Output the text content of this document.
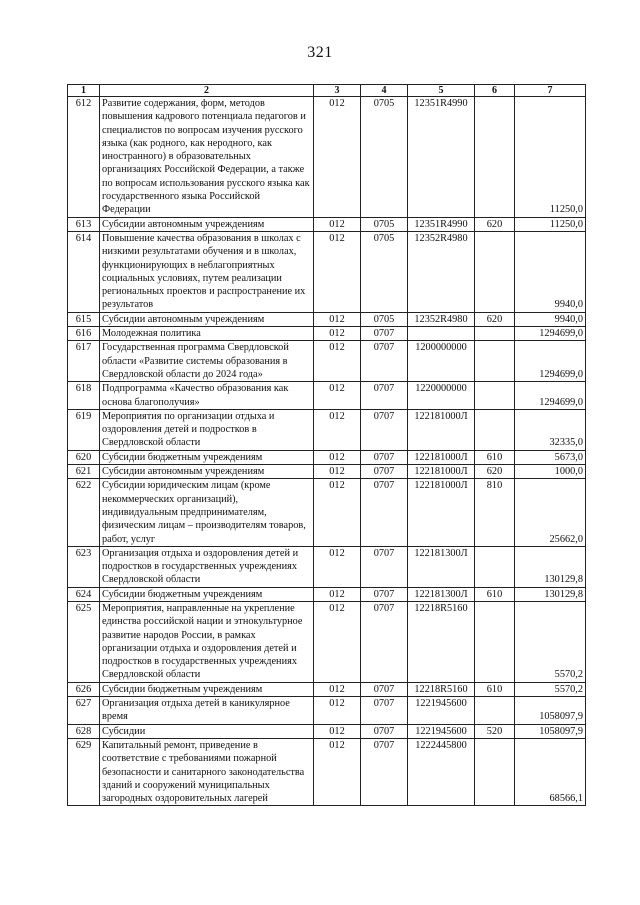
321
1	2	3	4	5	6	7
612	Развитие содержания, форм, методов повышения кадрового потенциала педагогов и специалистов по вопросам изучения русского языка (как родного, как неродного, как иностранного) в образовательных организациях Российской Федерации, а также по вопросам использования русского языка как государственного языка Российской Федерации	012	0705	12351R4990		11250,0
613	Субсидии автономным учреждениям	012	0705	12351R4990	620	11250,0
614	Повышение качества образования в школах с низкими результатами обучения и в школах, функционирующих в неблагоприятных социальных условиях, путем реализации региональных проектов и распространение их результатов	012	0705	12352R4980		9940,0
615	Субсидии автономным учреждениям	012	0705	12352R4980	620	9940,0
616	Молодежная политика	012	0707			1294699,0
617	Государственная программа Свердловской области «Развитие системы образования в Свердловской области до 2024 года»	012	0707	1200000000		1294699,0
618	Подпрограмма «Качество образования как основа благополучия»	012	0707	1220000000		1294699,0
619	Мероприятия по организации отдыха и оздоровления детей и подростков в Свердловской области	012	0707	122181000Л		32335,0
620	Субсидии бюджетным учреждениям	012	0707	122181000Л	610	5673,0
621	Субсидии автономным учреждениям	012	0707	122181000Л	620	1000,0
622	Субсидии юридическим лицам (кроме некоммерческих организаций), индивидуальным предпринимателям, физическим лицам – производителям товаров, работ, услуг	012	0707	122181000Л	810	25662,0
623	Организация отдыха и оздоровления детей и подростков в государственных учреждениях Свердловской области	012	0707	122181300Л		130129,8
624	Субсидии бюджетным учреждениям	012	0707	122181300Л	610	130129,8
625	Мероприятия, направленные на укрепление единства российской нации и этнокультурное развитие народов России, в рамках организации отдыха и оздоровления детей и подростков в государственных учреждениях Свердловской области	012	0707	12218R5160		5570,2
626	Субсидии бюджетным учреждениям	012	0707	12218R5160	610	5570,2
627	Организация отдыха детей в каникулярное время	012	0707	1221945600		1058097,9
628	Субсидии	012	0707	1221945600	520	1058097,9
629	Капитальный ремонт, приведение в соответствие с требованиями пожарной безопасности и санитарного законодательства зданий и сооружений муниципальных загородных оздоровительных лагерей	012	0707	1222445800		68566,1
